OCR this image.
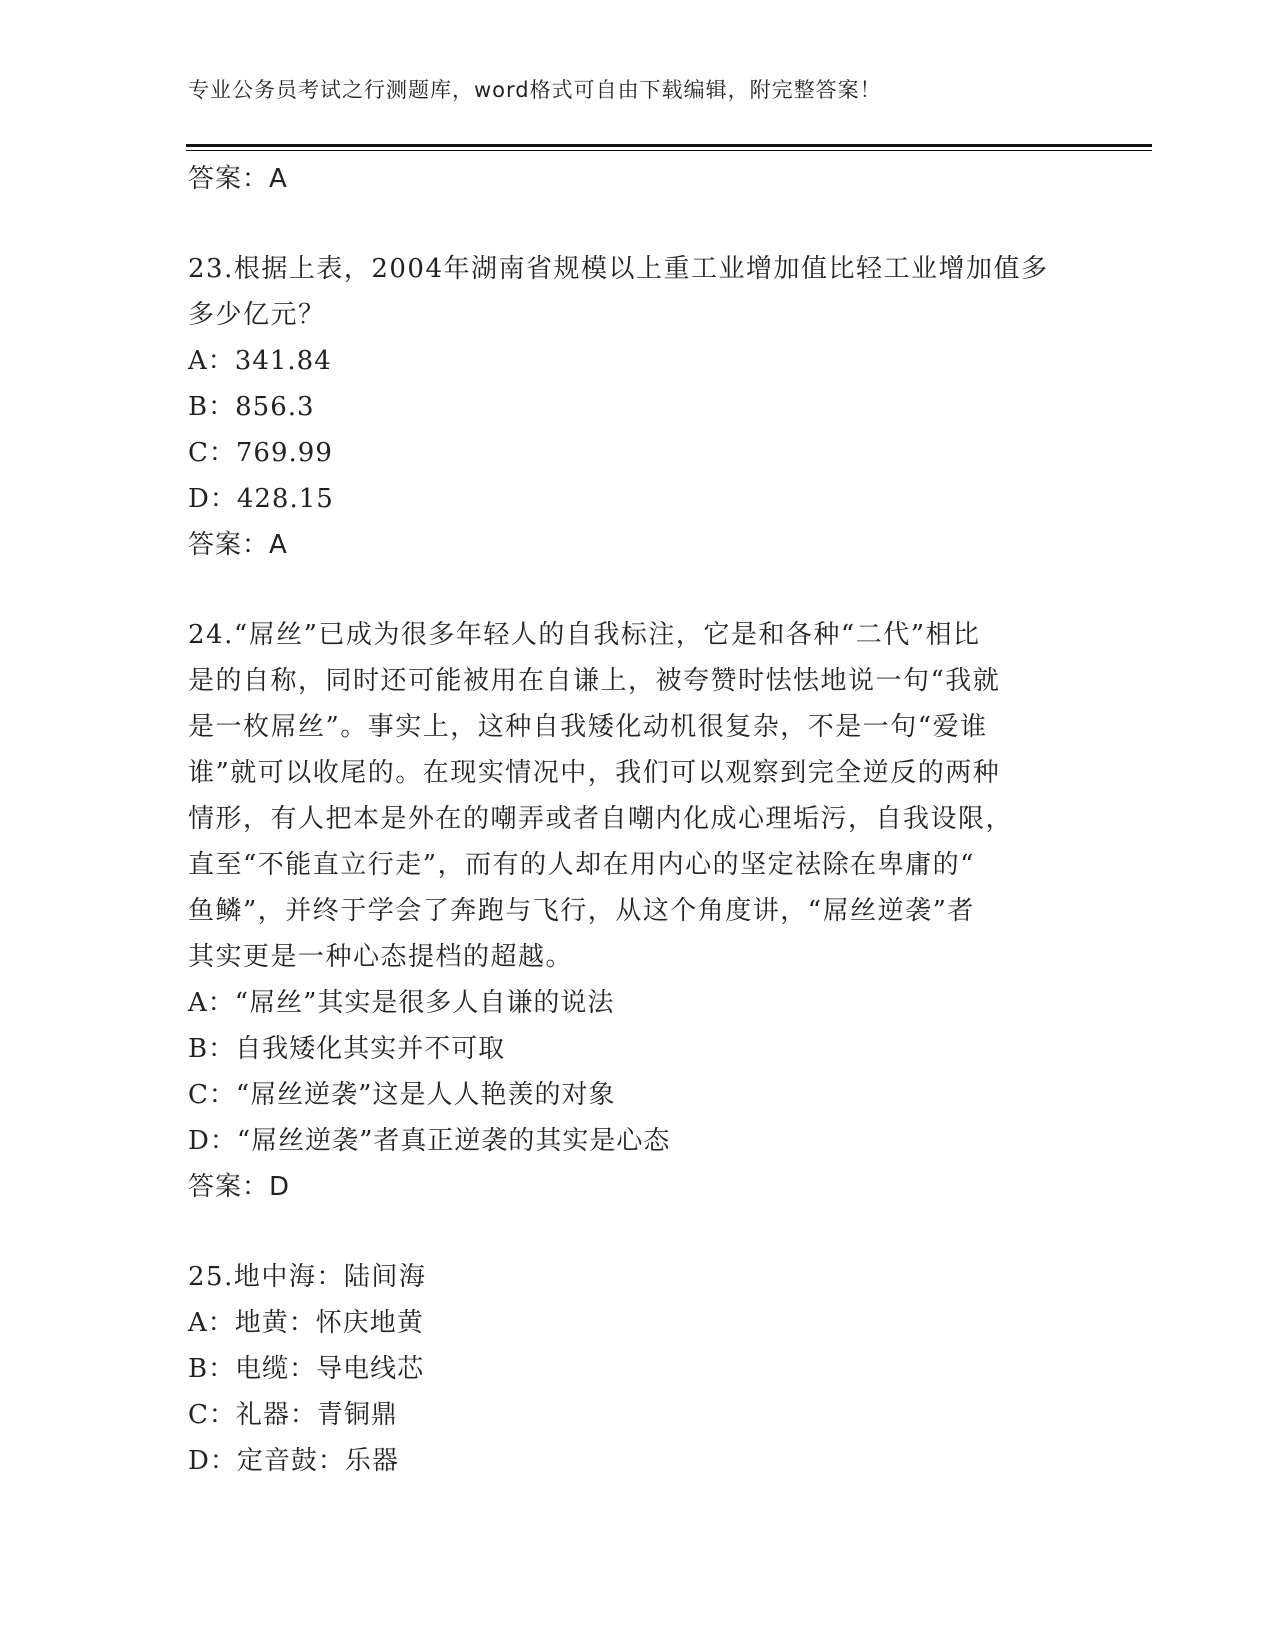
专业公务员考试之行测题库，word格式可自由下载编辑，附完整答案！
答案：A
23.根据上表，2004年湖南省规模以上重工业增加值比轻工业增加值多
多少亿元？
A：341.84
B：856.3
C：769.99
D：428.15
答案：A
24.“屌丝”已成为很多年轻人的自我标注，它是和各种“二代”相比
是的自称，同时还可能被用在自谦上，被夸赞时怯怯地说一句“我就
是一枚屌丝”。事实上，这种自我矮化动机很复杂，不是一句“爱谁
谁”就可以收尾的。在现实情况中，我们可以观察到完全逆反的两种
情形，有人把本是外在的嘲弄或者自嘲内化成心理垢污，自我设限，
直至“不能直立行走”，而有的人却在用内心的坚定祛除在卑庸的“
鱼鳞”，并终于学会了奔跑与飞行，从这个角度讲，“屌丝逆袭”者
其实更是一种心态提档的超越。
A：“屌丝”其实是很多人自谦的说法
B：自我矮化其实并不可取
C：“屌丝逆袭”这是人人艳羡的对象
D：“屌丝逆袭”者真正逆袭的其实是心态
答案：D
25.地中海：陆间海
A：地黄：怀庆地黄
B：电缆：导电线芯
C：礼器：青铜鼎
D：定音鼓：乐器
